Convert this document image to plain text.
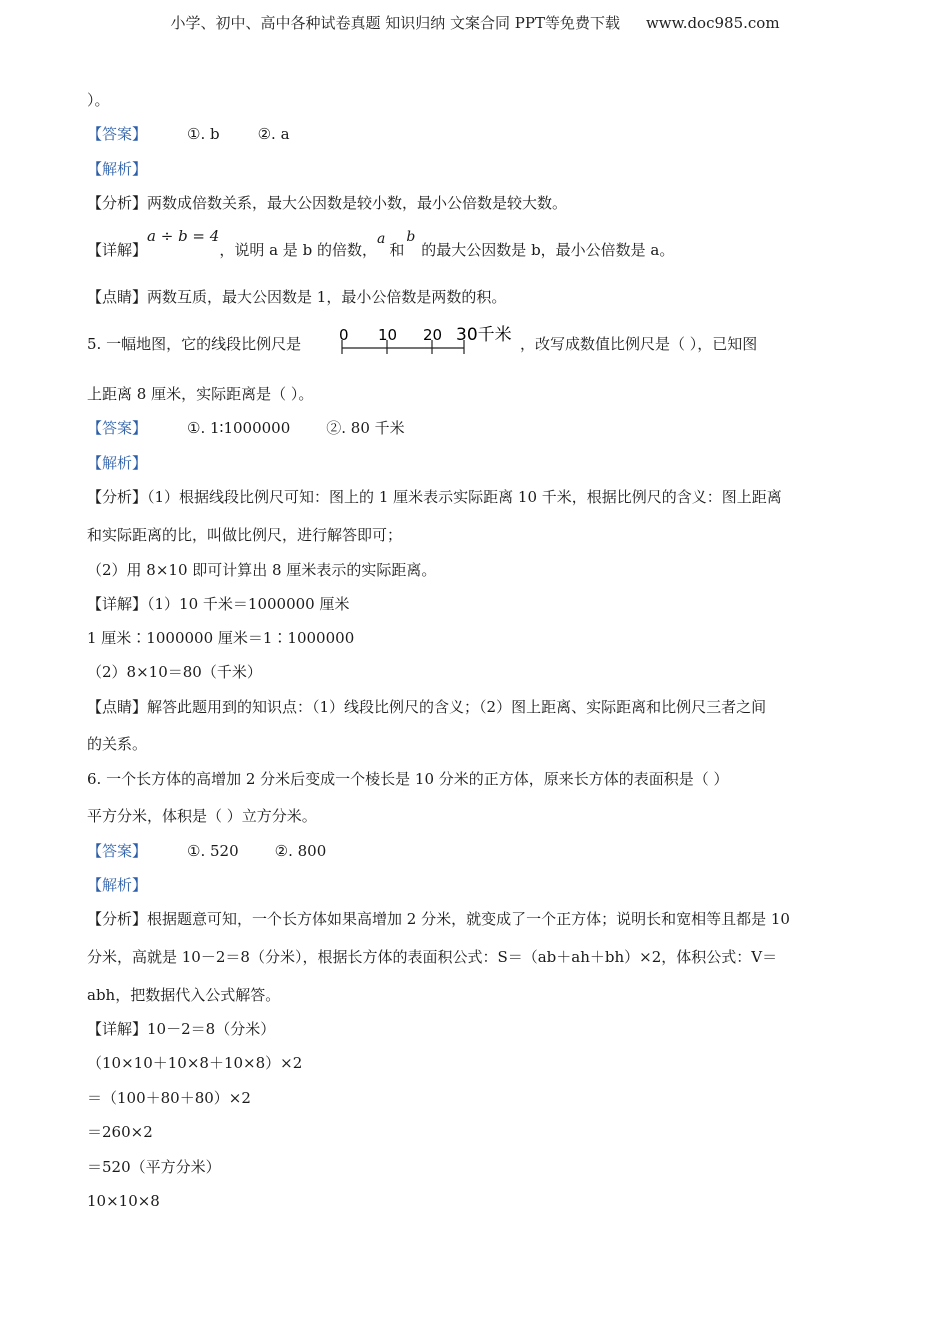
小学、初中、高中各种试卷真题 知识归纳 文案合同 PPT等免费下载 www.doc985.com
）。
【答案】	①. b	②. a
【解析】
【分析】两数成倍数关系，最大公因数是较小数，最小公倍数是较大数。
【详解】a ÷ b = 4，说明 a 是 b 的倍数，a和b的最大公因数是 b，最小公倍数是 a。
【点睛】两数互质，最大公因数是 1，最小公倍数是两数的积。
5. 一幅地图，它的线段比例尺是	0 10 20 30千米 ，改写成数值比例尺是（ ），已知图
上距离 8 厘米，实际距离是（ ）。
【答案】	①. 1∶1000000 ②. 80 千米
【解析】
【分析】（1）根据线段比例尺可知：图上的 1 厘米表示实际距离 10 千米，根据比例尺的含义：图上距离
和实际距离的比，叫做比例尺，进行解答即可；
（2）用 8×10 即可计算出 8 厘米表示的实际距离。
【详解】（1）10 千米＝1000000 厘米
1 厘米∶1000000 厘米＝1∶1000000
（2）8×10＝80（千米）
【点睛】解答此题用到的知识点：（1）线段比例尺的含义；（2）图上距离、实际距离和比例尺三者之间
的关系。
6. 一个长方体的高增加 2 分米后变成一个棱长是 10 分米的正方体，原来长方体的表面积是（ ）
平方分米，体积是（ ）立方分米。
【答案】	①. 520 ②. 800
【解析】
【分析】根据题意可知，一个长方体如果高增加 2 分米，就变成了一个正方体；说明长和宽相等且都是 10
分米，高就是 10－2＝8（分米），根据长方体的表面积公式：S＝（ab＋ah＋bh）×2，体积公式：V＝
abh，把数据代入公式解答。
【详解】10－2＝8（分米）
（10×10＋10×8＋10×8）×2
＝（100＋80＋80）×2
＝260×2
＝520（平方分米）
10×10×8
